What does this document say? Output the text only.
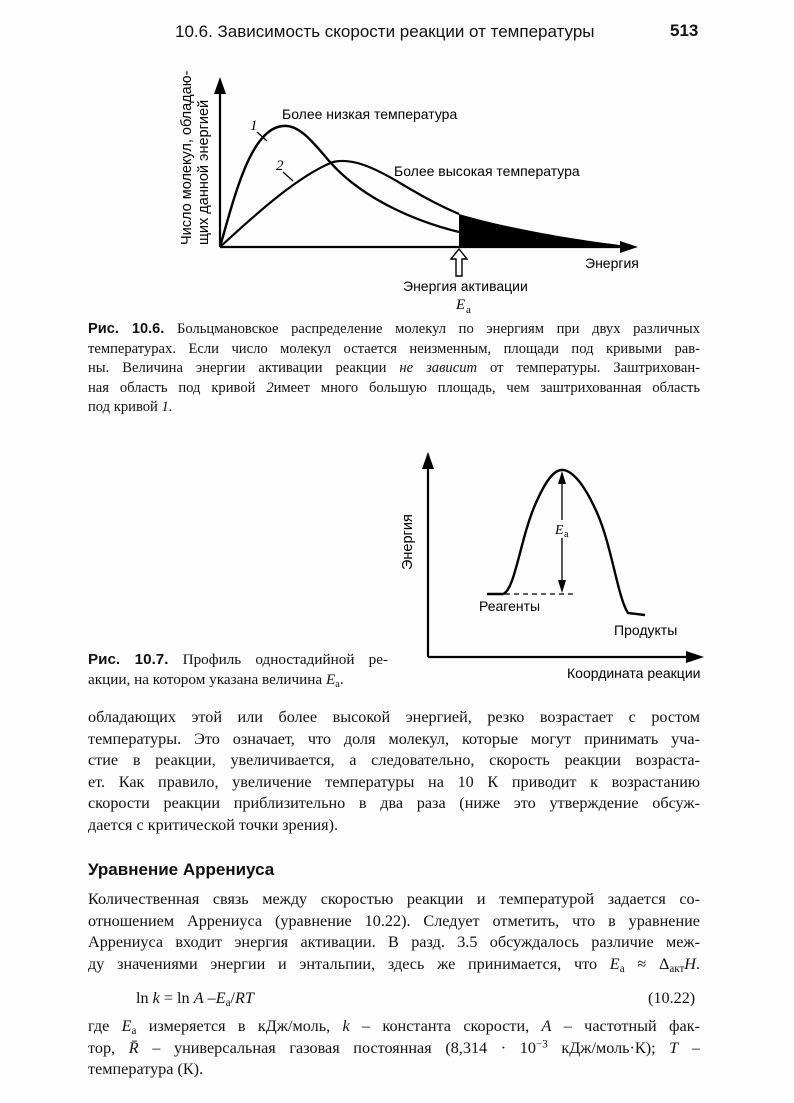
10.6. Зависимость скорости реакции от температуры	513
Число молекул, обладаю- щих данной энергией	1
2
Более низкая температура
Более высокая температура
Энергия
Энергия активации
E a
Рис. 10.6. Больцмановское распределение молекул по энергиям при двух различных
температурах. Если число молекул остается неизменным, площади под кривыми рав-
ны. Величина энергии активации реакции не зависит от температуры. Заштрихован-
ная область под кривой 2имеет много большую площадь, чем заштрихованная область
под кривой 1.
Энергия	E a
Реагенты
Продукты
Координата реакции
Рис. 10.7. Профиль одностадийной ре-
акции, на котором указана величина $E_a$.
обладающих этой или более высокой энергией, резко возрастает с ростом
температуры. Это означает, что доля молекул, которые могут принимать уча-
стие в реакции, увеличивается, а следовательно, скорость реакции возраста-
ет. Как правило, увеличение температуры на 10 К приводит к возрастанию
скорости реакции приблизительно в два раза (ниже это утверждение обсуж-
дается с критической точки зрения).
Уравнение Аррениуса
Количественная связь между скоростью реакции и температурой задается со-
отношением Аррениуса (уравнение 10.22). Следует отметить, что в уравнение
Аррениуса входит энергия активации. В разд. 3.5 обсуждалось различие меж-
ду значениями энергии и энтальпии, здесь же принимается, что $E_a \approx \Delta_{акт}H$.
ln k = ln A $-E_a/RT$	(10.22)
где $E_a$ измеряется в кДж/моль, k – константа скорости, A – частотный фак-
тор, R̄ – универсальная газовая постоянная ($8,314 \cdot 10^{-3}$ кДж/моль·К); T –
температура (К).
